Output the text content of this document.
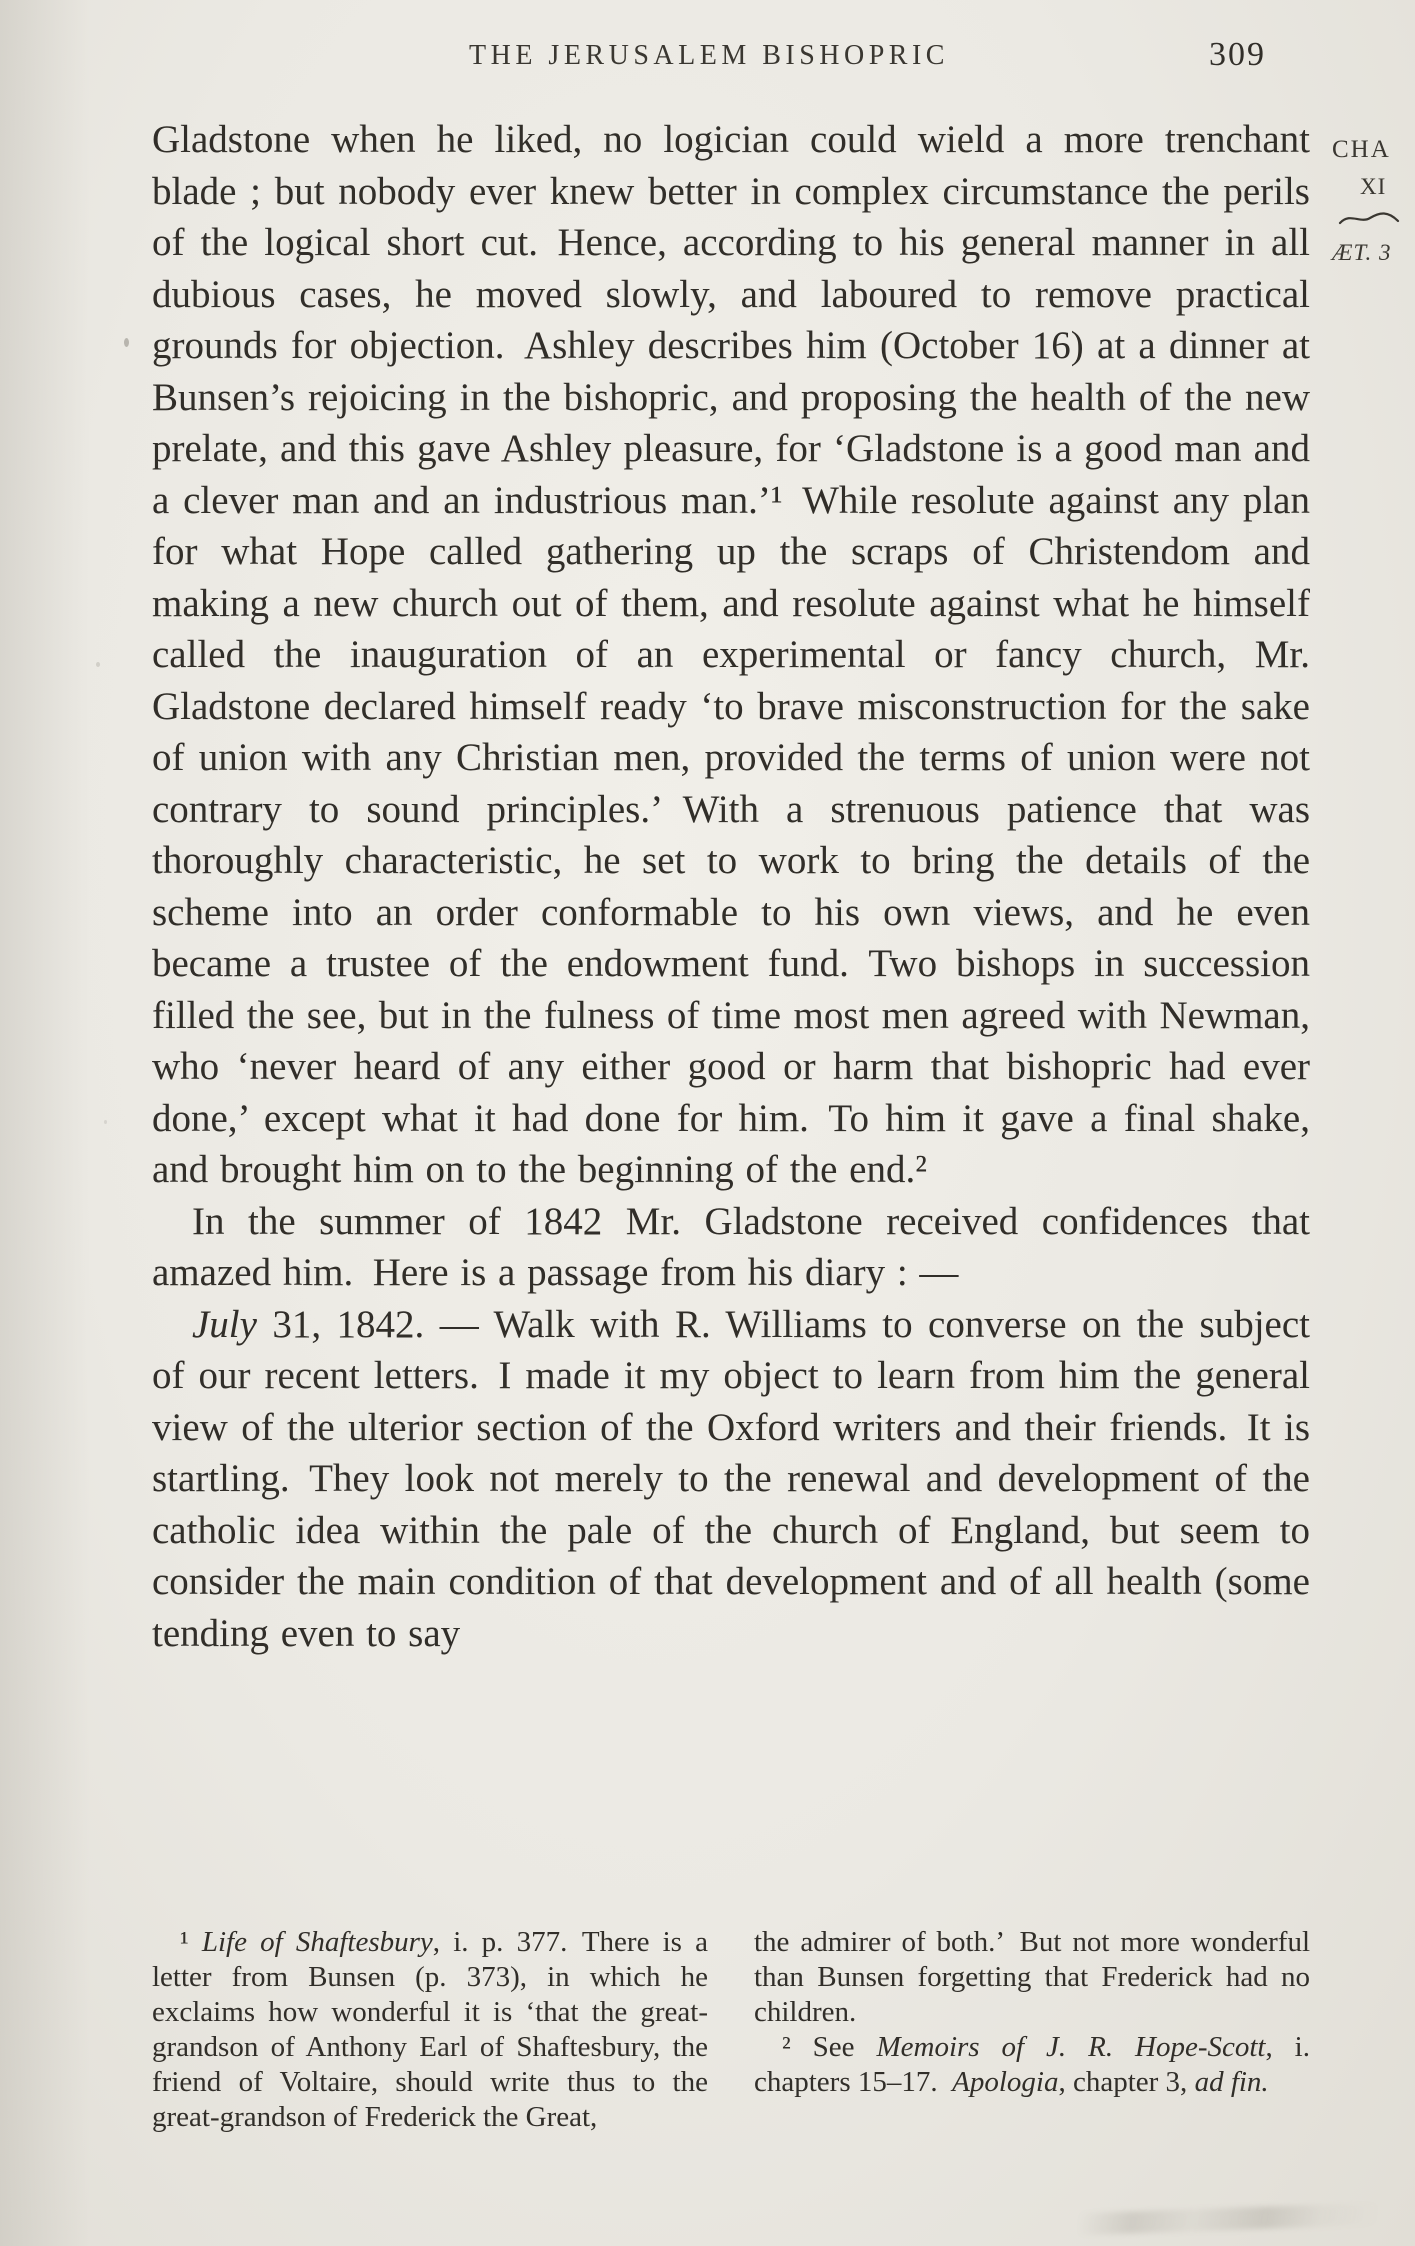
THE JERUSALEM BISHOPRIC	309
CHA
XI
ÆT. 3

Gladstone when he liked, no logician could wield a more trenchant blade ; but nobody ever knew better in complex circumstance the perils of the logical short cut. Hence, according to his general manner in all dubious cases, he moved slowly, and laboured to remove practical grounds for objection. Ashley describes him (October 16) at a dinner at Bunsen’s rejoicing in the bishopric, and proposing the health of the new prelate, and this gave Ashley pleasure, for ‘Gladstone is a good man and a clever man and an industrious man.’¹ While resolute against any plan for what Hope called gathering up the scraps of Christendom and making a new church out of them, and resolute against what he himself called the inauguration of an experimental or fancy church, Mr. Gladstone declared himself ready ‘to brave misconstruction for the sake of union with any Christian men, provided the terms of union were not contrary to sound principles.’ With a strenuous patience that was thoroughly characteristic, he set to work to bring the details of the scheme into an order conformable to his own views, and he even became a trustee of the endowment fund. Two bishops in succession filled the see, but in the fulness of time most men agreed with Newman, who ‘never heard of any either good or harm that bishopric had ever done,’ except what it had done for him. To him it gave a final shake, and brought him on to the beginning of the end.²

In the summer of 1842 Mr. Gladstone received confidences that amazed him. Here is a passage from his diary : —

July 31, 1842. — Walk with R. Williams to converse on the subject of our recent letters. I made it my object to learn from him the general view of the ulterior section of the Oxford writers and their friends. It is startling. They look not merely to the renewal and development of the catholic idea within the pale of the church of England, but seem to consider the main condition of that development and of all health (some tending even to say

¹ Life of Shaftesbury, i. p. 377. There is a letter from Bunsen (p. 373), in which he exclaims how wonderful it is ‘that the great-grandson of Anthony Earl of Shaftesbury, the friend of Voltaire, should write thus to the great-grandson of Frederick the Great,

the admirer of both.’ But not more wonderful than Bunsen forgetting that Frederick had no children.

² See Memoirs of J. R. Hope-Scott, i. chapters 15–17. Apologia, chapter 3, ad fin.
